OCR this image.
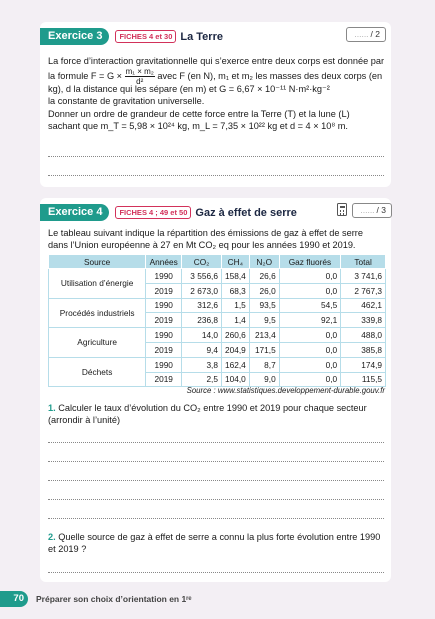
Exercice 3	FICHES 4 et 30 La Terre	...... / 2

La force d’interaction gravitationnelle qui s’exerce entre deux corps est donnée par

la formule $F = G \times \frac{\text{m₁ × m₂}}{\text{d²}}$ avec F (en N), m₁ et m₂ les masses des deux corps (en

kg), d la distance qui les sépare (en m) et G = 6,67 × 10⁻¹¹ N·m²·kg⁻²

la constante de gravitation universelle.

Donner un ordre de grandeur de cette force entre la Terre (T) et la lune (L)

sachant que m_T = 5,98 × 10²⁴ kg, m_L = 7,35 × 10²² kg et d = 4 × 10⁸ m.

Exercice 4	FICHES 4 ; 49 et 50 Gaz à effet de serre	...... / 3

Le tableau suivant indique la répartition des émissions de gaz à effet de serre

dans l’Union européenne à 27 en Mt CO₂ eq pour les années 1990 et 2019.

Source	Années	CO₂	CH₄	N₂O	Gaz fluorés	Total
Utilisation d’énergie	1990	3 556,6	158,4	26,6	0,0	3 741,6
	2019	2 673,0	68,3	26,0	0,0	2 767,3
Procédés industriels	1990	312,6	1,5	93,5	54,5	462,1
	2019	236,8	1,4	9,5	92,1	339,8
Agriculture	1990	14,0	260,6	213,4	0,0	488,0
	2019	9,4	204,9	171,5	0,0	385,8
Déchets	1990	3,8	162,4	8,7	0,0	174,9
	2019	2,5	104,0	9,0	0,0	115,5
Source : www.statistiques.developpement-durable.gouv.fr

1. Calculer le taux d’évolution du CO₂ entre 1990 et 2019 pour chaque secteur

(arrondir à l’unité)

2. Quelle source de gaz à effet de serre a connu la plus forte évolution entre 1990

et 2019 ?

70	Préparer son choix d’orientation en 1ʳᵉ
